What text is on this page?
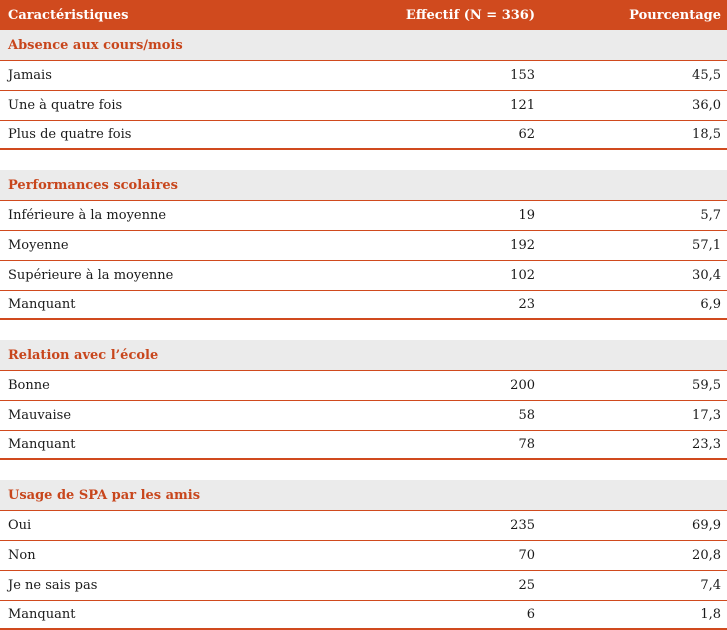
Caractéristiques	Effectif (N = 336)	Pourcentage
Absence aux cours/mois
Jamais	153	45,5
Une à quatre fois	121	36,0
Plus de quatre fois	62	18,5
Performances scolaires
Inférieure à la moyenne	19	5,7
Moyenne	192	57,1
Supérieure à la moyenne	102	30,4
Manquant	23	6,9
Relation avec l’école
Bonne	200	59,5
Mauvaise	58	17,3
Manquant	78	23,3
Usage de SPA par les amis
Oui	235	69,9
Non	70	20,8
Je ne sais pas	25	7,4
Manquant	6	1,8
